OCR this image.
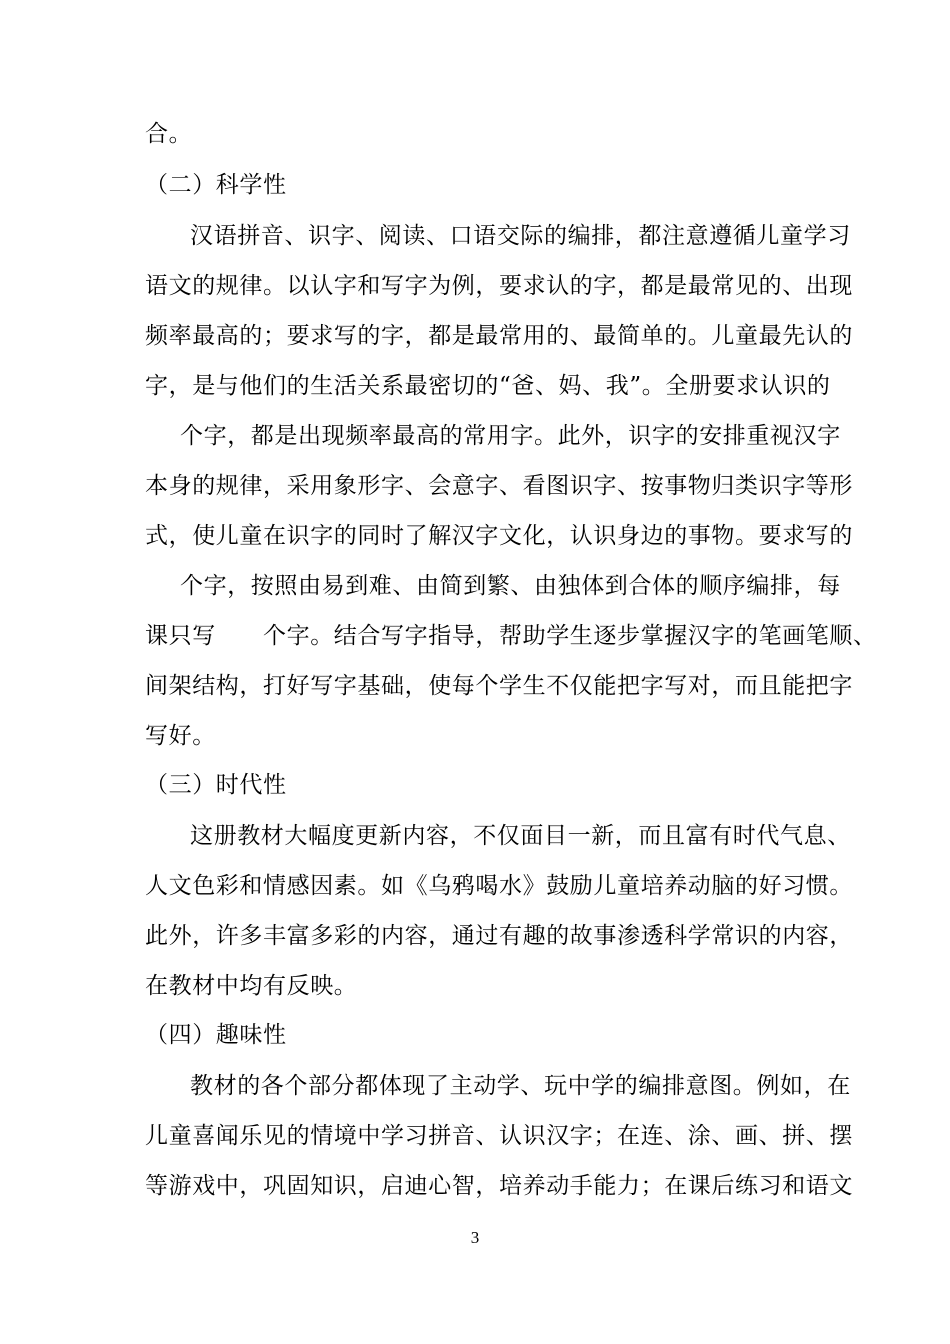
合。
（二）科学性
汉语拼音、识字、阅读、口语交际的编排，都注意遵循儿童学习
语文的规律。以认字和写字为例，要求认的字，都是最常见的、出现
频率最高的；要求写的字，都是最常用的、最简单的。儿童最先认的
字，是与他们的生活关系最密切的“爸、妈、我”。全册要求认识的
个字，都是出现频率最高的常用字。此外，识字的安排重视汉字
本身的规律，采用象形字、会意字、看图识字、按事物归类识字等形
式，使儿童在识字的同时了解汉字文化，认识身边的事物。要求写的
个字，按照由易到难、由简到繁、由独体到合体的顺序编排，每
课只写　　个字。结合写字指导，帮助学生逐步掌握汉字的笔画笔顺、
间架结构，打好写字基础，使每个学生不仅能把字写对，而且能把字
写好。
（三）时代性
这册教材大幅度更新内容，不仅面目一新，而且富有时代气息、
人文色彩和情感因素。如《乌鸦喝水》鼓励儿童培养动脑的好习惯。
此外，许多丰富多彩的内容，通过有趣的故事渗透科学常识的内容，
在教材中均有反映。
（四）趣味性
教材的各个部分都体现了主动学、玩中学的编排意图。例如，在
儿童喜闻乐见的情境中学习拼音、认识汉字；在连、涂、画、拼、摆
等游戏中，巩固知识，启迪心智，培养动手能力；在课后练习和语文
3
